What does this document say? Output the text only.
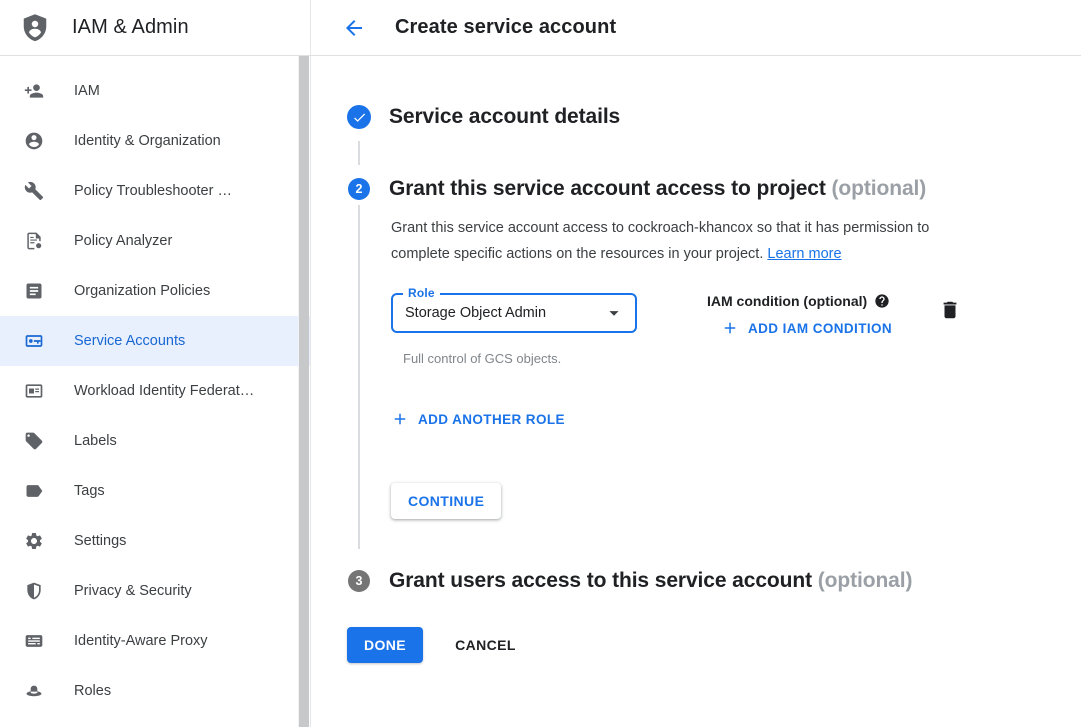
IAM & Admin	Create service account
IAM
Identity & Organization
Policy Troubleshooter …
Policy Analyzer
Organization Policies
Service Accounts
Workload Identity Federat…
Labels
Tags
Settings
Privacy & Security
Identity-Aware Proxy
Roles
Service account details
2	Grant this service account access to project (optional)

Grant this service account access to cockroach-khancox so that it has permission to complete specific actions on the resources in your project. Learn more

Role
Storage Object Admin
IAM condition (optional)
ADD IAM CONDITION

Full control of GCS objects.

ADD ANOTHER ROLE
CONTINUE
3	Grant users access to this service account (optional)
DONE	CANCEL
